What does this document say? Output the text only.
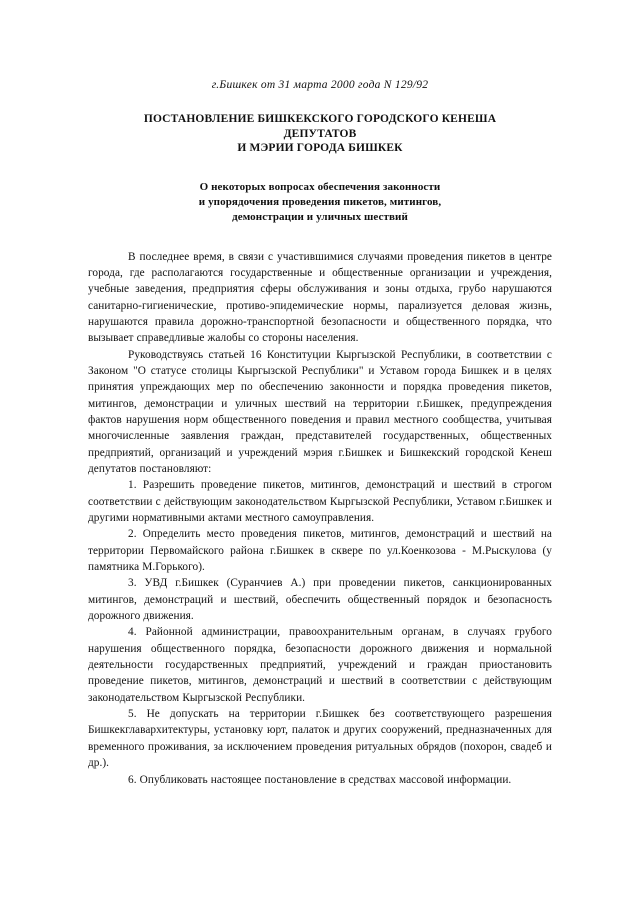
г.Бишкек от 31 марта 2000 года N 129/92
ПОСТАНОВЛЕНИЕ БИШКЕКСКОГО ГОРОДСКОГО КЕНЕША
ДЕПУТАТОВ
И МЭРИИ ГОРОДА БИШКЕК
О некоторых вопросах обеспечения законности
и упорядочения проведения пикетов, митингов,
демонстрации и уличных шествий

В последнее время, в связи с участившимися случаями проведения пикетов в центре города, где располагаются государственные и общественные организации и учреждения, учебные заведения, предприятия сферы обслуживания и зоны отдыха, грубо нарушаются санитарно-гигиенические, противо-эпидемические нормы, парализуется деловая жизнь, нарушаются правила дорожно-транспортной безопасности и общественного порядка, что вызывает справедливые жалобы со стороны населения.

Руководствуясь статьей 16 Конституции Кыргызской Республики, в соответствии с Законом "О статусе столицы Кыргызской Республики" и Уставом города Бишкек и в целях принятия упреждающих мер по обеспечению законности и порядка проведения пикетов, митингов, демонстрации и уличных шествий на территории г.Бишкек, предупреждения фактов нарушения норм общественного поведения и правил местного сообщества, учитывая многочисленные заявления граждан, представителей государственных, общественных предприятий, организаций и учреждений мэрия г.Бишкек и Бишкекский городской Кенеш депутатов постановляют:

1. Разрешить проведение пикетов, митингов, демонстраций и шествий в строгом соответствии с действующим законодательством Кыргызской Республики, Уставом г.Бишкек и другими нормативными актами местного самоуправления.

2. Определить место проведения пикетов, митингов, демонстраций и шествий на территории Первомайского района г.Бишкек в сквере по ул.Коенкозова - М.Рыскулова (у памятника М.Горького).

3. УВД г.Бишкек (Суранчиев А.) при проведении пикетов, санкционированных митингов, демонстраций и шествий, обеспечить общественный порядок и безопасность дорожного движения.

4. Районной администрации, правоохранительным органам, в случаях грубого нарушения общественного порядка, безопасности дорожного движения и нормальной деятельности государственных предприятий, учреждений и граждан приостановить проведение пикетов, митингов, демонстраций и шествий в соответствии с действующим законодательством Кыргызской Республики.

5. Не допускать на территории г.Бишкек без соответствующего разрешения Бишкекглавархитектуры, установку юрт, палаток и других сооружений, предназначенных для временного проживания, за исключением проведения ритуальных обрядов (похорон, свадеб и др.).

6. Опубликовать настоящее постановление в средствах массовой информации.
